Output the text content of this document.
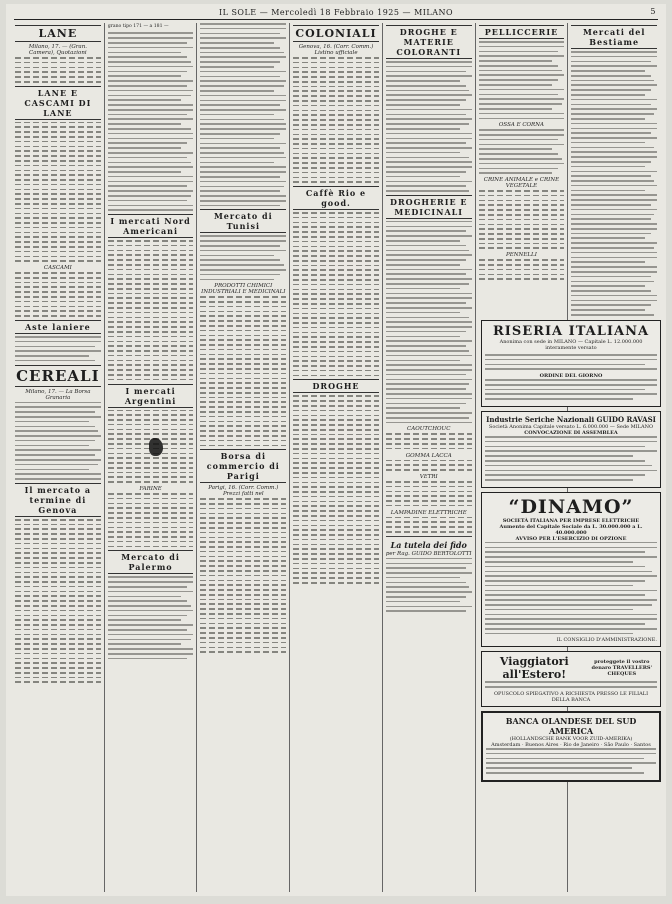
IL SOLE — Mercoledì 18 Febbraio 1925 — MILANO	5
LANE
Milano, 17. — (Gran. Camera), Quotazioni
LANE E CASCAMI DI LANE
CASCAMI
Aste laniere
CEREALI
Milano, 17. — La Borsa Granaria
Il mercato a termine di Genova
grano tipo 171 — a 181 —
I mercati Nord Americani
I mercati Argentini
FARINE
Mercato di Palermo
Mercato di Tunisi
PRODOTTI CHIMICI INDUSTRIALI E MEDICINALI
Borsa di commercio di Parigi
Parigi, 16. (Corr. Comm.) Prezzi fatti nel
COLONIALI
Genova, 16. (Corr. Comm.) Listino ufficiale
Caffè Rio e good.
DROGHE
DROGHE E MATERIE COLORANTI
DROGHERIE E MEDICINALI
CAOUTCHOUC
GOMMA LACCA
VETRI
LAMPADINE ELETTRICHE
La tutela dei fido
per Rag. GUIDO BERTOLOTTI
PELLICCERIE
OSSA E CORNA
CRINE ANIMALE e CRINE VEGETALE
PENNELLI
Mercati del Bestiame
RISERIA ITALIANA
Anonima con sede in MILANO — Capitale L. 12.000.000 interamente versato
ORDINE DEL GIORNO
Industrie Seriche Nazionali GUIDO RAVASI
Società Anonima Capitale versato L. 6.000.000 — Sede MILANO
CONVOCAZIONE DI ASSEMBLEA
“DINAMO”
SOCIETÀ ITALIANA PER IMPRESE ELETTRICHE
Aumento del Capitale Sociale da L. 30.000.000 a L. 40.000.000
AVVISO PER L'ESERCIZIO DI OPZIONE
IL CONSIGLIO D'AMMINISTRAZIONE.
Viaggiatori all'Estero!
proteggete il vostro denaro TRAVELLERS' CHEQUES
OPUSCOLO SPIEGATIVO A RICHIESTA PRESSO LE FILIALI DELLA BANCA
BANCA OLANDESE DEL SUD AMERICA
(HOLLANDSCHE BANK VOOR ZUID-AMERIKA)
Amsterdam · Buenos Aires · Rio de Janeiro · São Paulo · Santos
